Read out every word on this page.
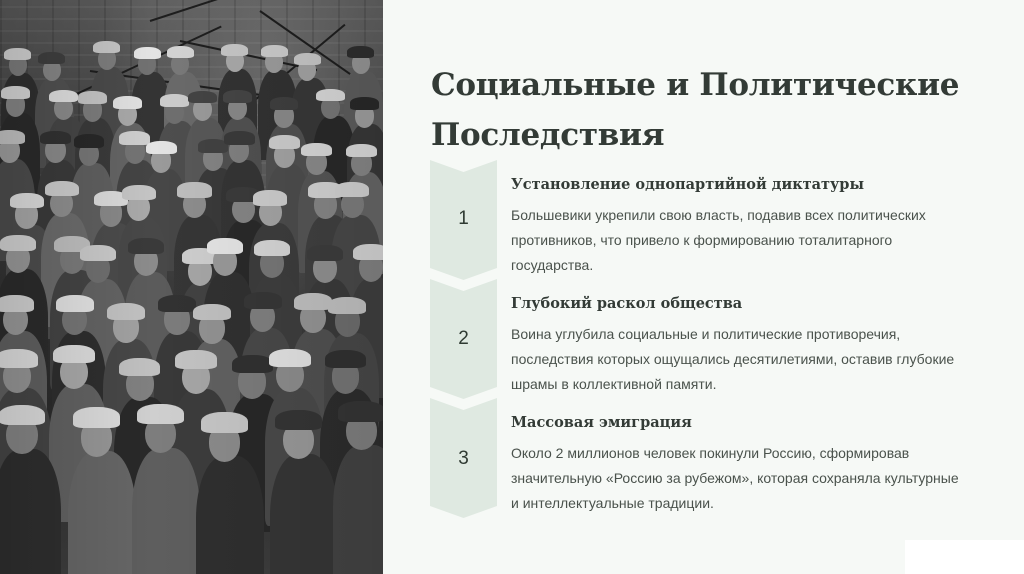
Социальные и Политические
Последствия
1
Установление однопартийной диктатуры

Большевики укрепили свою власть, подавив всех политических
противников, что привело к формированию тоталитарного
государства.

2
Глубокий раскол общества

Воина углубила социальные и политические противоречия,
последствия которых ощущались десятилетиями, оставив глубокие
шрамы в коллективной памяти.

3
Массовая эмиграция

Около 2 миллионов человек покинули Россию, сформировав
значительную «Россию за рубежом», которая сохраняла культурные
и интеллектуальные традиции.
